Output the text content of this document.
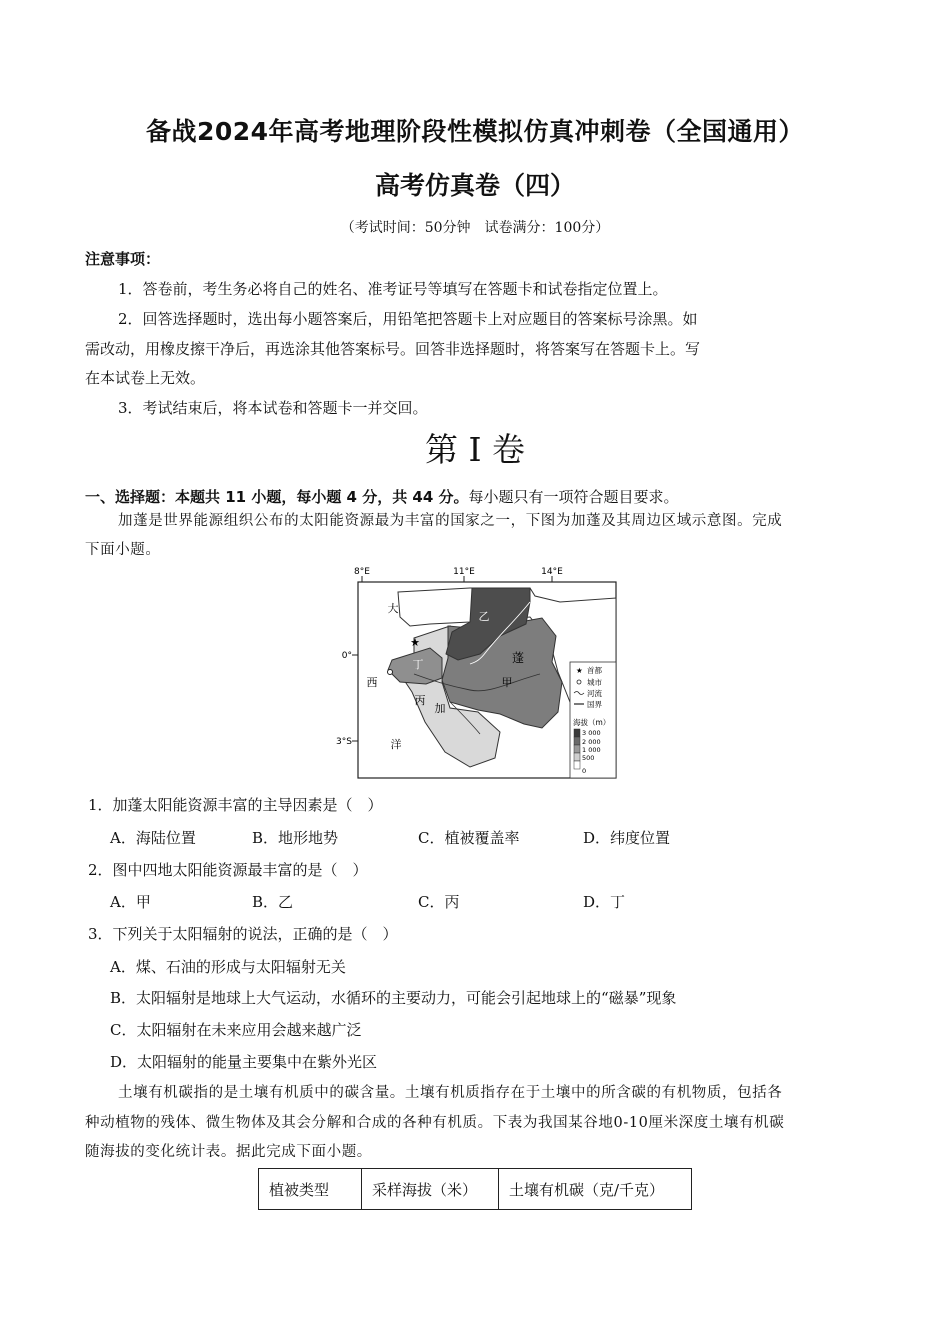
备战2024年高考地理阶段性模拟仿真冲刺卷（全国通用）
高考仿真卷（四）
（考试时间：50分钟　试卷满分：100分）
注意事项：
1．答卷前，考生务必将自己的姓名、准考证号等填写在答题卡和试卷指定位置上。
2．回答选择题时，选出每小题答案后，用铅笔把答题卡上对应题目的答案标号涂黑。如
需改动，用橡皮擦干净后，再选涂其他答案标号。回答非选择题时，将答案写在答题卡上。写
在本试卷上无效。
3．考试结束后，将本试卷和答题卡一并交回。
第 I 卷
一、选择题：本题共 11 小题，每小题 4 分，共 44 分。每小题只有一项符合题目要求。
加蓬是世界能源组织公布的太阳能资源最为丰富的国家之一，下图为加蓬及其周边区域示意图。完成
下面小题。
8°E	11°E	14°E
0°
3°S
★
乙
甲
蓬
丁
丙
加
大
西
洋
★ 首都
城市
河流
国界
海拔（m）
3 000
2 000
1 000
500
0
1．加蓬太阳能资源丰富的主导因素是（　）
A．海陆位置	B．地形地势	C．植被覆盖率	D．纬度位置
2．图中四地太阳能资源最丰富的是（　）
A．甲	B．乙	C．丙	D．丁
3．下列关于太阳辐射的说法，正确的是（　）
A．煤、石油的形成与太阳辐射无关
B．太阳辐射是地球上大气运动，水循环的主要动力，可能会引起地球上的“磁暴”现象
C．太阳辐射在未来应用会越来越广泛
D．太阳辐射的能量主要集中在紫外光区
土壤有机碳指的是土壤有机质中的碳含量。土壤有机质指存在于土壤中的所含碳的有机物质，包括各
种动植物的残体、微生物体及其会分解和合成的各种有机质。下表为我国某谷地0-10厘米深度土壤有机碳
随海拔的变化统计表。据此完成下面小题。
植被类型	采样海拔（米）	土壤有机碳（克/千克）
